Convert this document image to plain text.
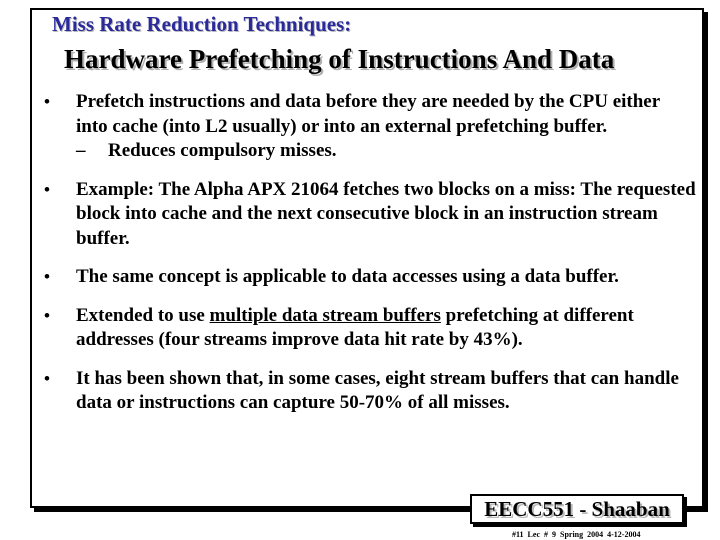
Miss Rate Reduction Techniques:
Hardware Prefetching of Instructions And Data
• Prefetch instructions and data before they are needed by the CPU either into cache (into L2 usually) or into an external prefetching buffer.
– Reduces compulsory misses.
• Example: The Alpha APX 21064 fetches two blocks on a miss: The requested block into cache and the next consecutive block in an instruction stream buffer.
• The same concept is applicable to data accesses using a data buffer.
• Extended to use multiple data stream buffers prefetching at different addresses (four streams improve data hit rate by 43%).
• It has been shown that, in some cases, eight stream buffers that can handle data or instructions can capture 50-70% of all misses.
EECC551 - Shaaban
#11 Lec # 9 Spring 2004 4-12-2004
